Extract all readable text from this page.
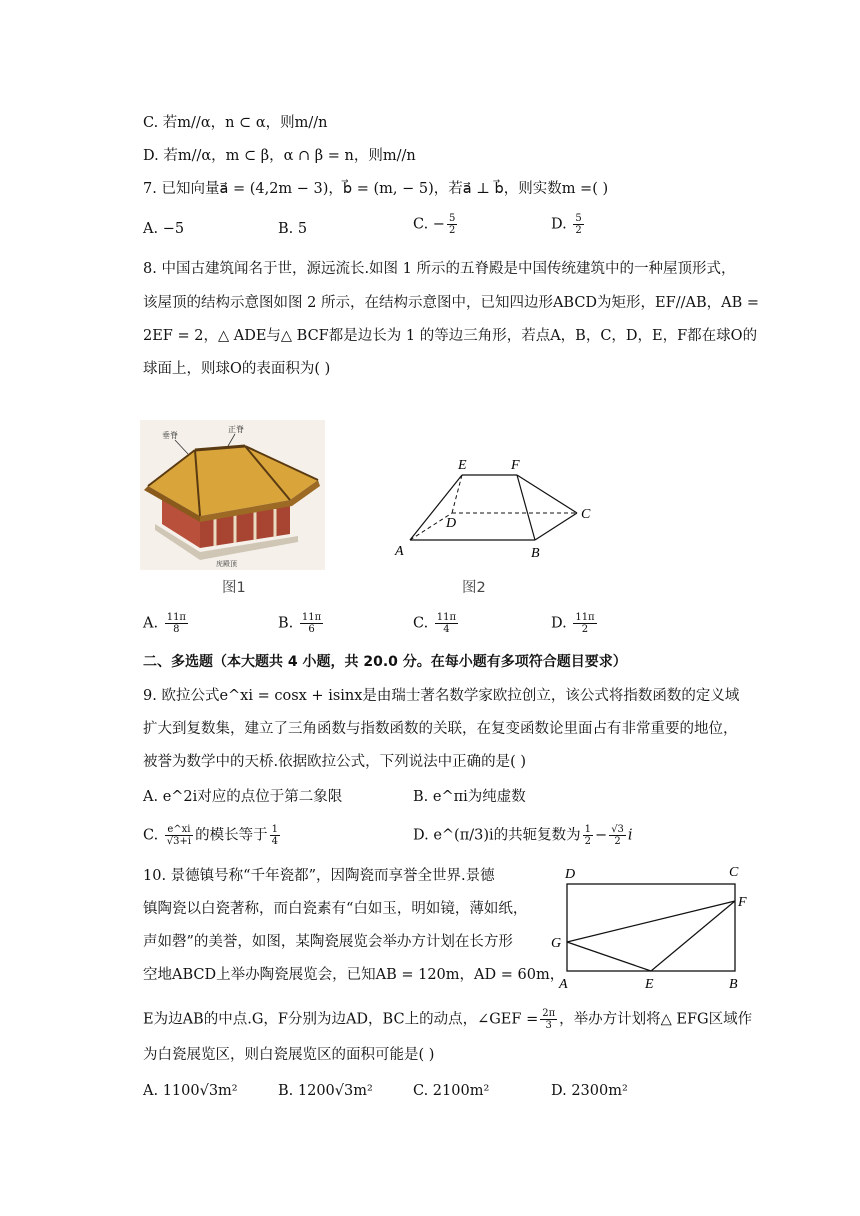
C. 若m//α，n ⊂ α，则m//n
D. 若m//α，m ⊂ β，α ∩ β = n，则m//n
7. 已知向量a⃗ = (4,2m − 3)，b⃗ = (m, − 5)，若a⃗ ⊥ b⃗，则实数m =( )
A. −5	B. 5	C. − $\frac{5}{2}$	D. $\frac{5}{2}$
8. 中国古建筑闻名于世，源远流长.如图 1 所示的五脊殿是中国传统建筑中的一种屋顶形式，
该屋顶的结构示意图如图 2 所示，在结构示意图中，已知四边形ABCD为矩形，EF//AB，AB =
2EF = 2，△ ADE与△ BCF都是边长为 1 的等边三角形，若点A，B，C，D，E，F都在球O的
球面上，则球O的表面积为( )
垂脊
正脊
庑殿顶
图1
A	B
C
D
E	F
图2
A. $\frac{11\pi}{8}$	B. $\frac{11\pi}{6}$	C. $\frac{11\pi}{4}$	D. $\frac{11\pi}{2}$
二、多选题（本大题共 4 小题，共 20.0 分。在每小题有多项符合题目要求）
9. 欧拉公式e^xi = cosx + isinx是由瑞士著名数学家欧拉创立，该公式将指数函数的定义域
扩大到复数集，建立了三角函数与指数函数的关联，在复变函数论里面占有非常重要的地位，
被誉为数学中的天桥.依据欧拉公式，下列说法中正确的是( )
A. e^2i对应的点位于第二象限	B. e^πi为纯虚数
C. $\frac{e\^{}xi}{√3+i}$ 的模长等于 $\frac{1}{4}$	D. e^(π/3)i的共轭复数为 $\frac{1}{2} - \frac{√3}{2}$ i
10. 景德镇号称“千年瓷都”，因陶瓷而享誉全世界.景德
镇陶瓷以白瓷著称，而白瓷素有“白如玉，明如镜，薄如纸，
声如磬”的美誉，如图，某陶瓷展览会举办方计划在长方形
空地ABCD上举办陶瓷展览会，已知AB = 120m，AD = 60m，
E为边AB的中点.G，F分别为边AD，BC上的动点，∠GEF = $\frac{2\pi}{3}$ ，举办方计划将△ EFG区域作
为白瓷展览区，则白瓷展览区的面积可能是( )
A	B
C
D
E
F
G
A. 1100√3m²	B. 1200√3m²	C. 2100m²	D. 2300m²
